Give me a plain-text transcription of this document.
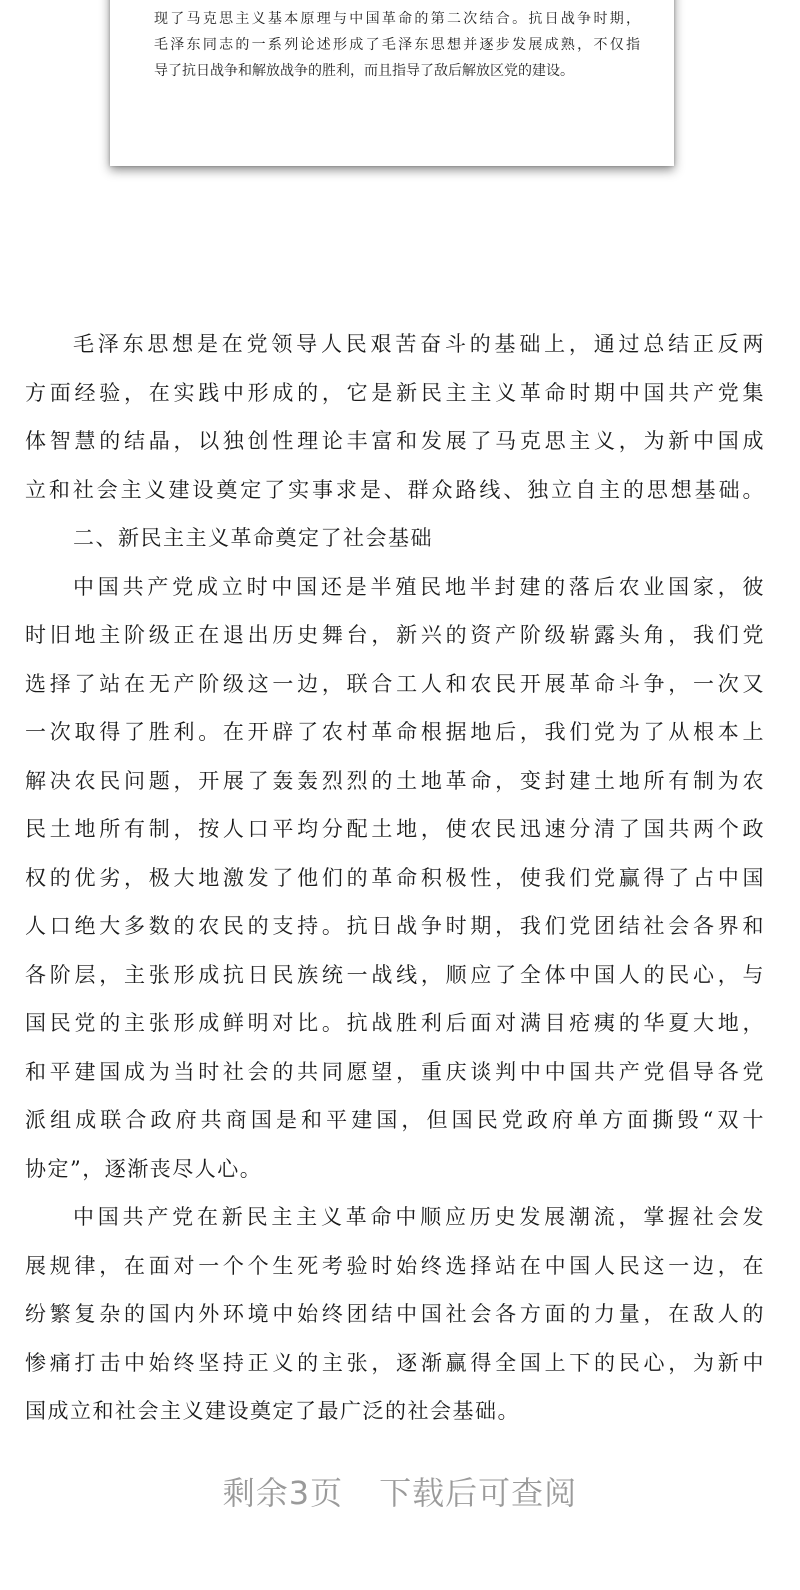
现了马克思主义基本原理与中国革命的第二次结合。抗日战争时期，
毛泽东同志的一系列论述形成了毛泽东思想并逐步发展成熟，不仅指
导了抗日战争和解放战争的胜利，而且指导了敌后解放区党的建设。

毛泽东思想是在党领导人民艰苦奋斗的基础上，通过总结正反两
方面经验，在实践中形成的，它是新民主主义革命时期中国共产党集
体智慧的结晶，以独创性理论丰富和发展了马克思主义，为新中国成
立和社会主义建设奠定了实事求是、群众路线、独立自主的思想基础。

二、新民主主义革命奠定了社会基础

中国共产党成立时中国还是半殖民地半封建的落后农业国家，彼
时旧地主阶级正在退出历史舞台，新兴的资产阶级崭露头角，我们党
选择了站在无产阶级这一边，联合工人和农民开展革命斗争，一次又
一次取得了胜利。在开辟了农村革命根据地后，我们党为了从根本上
解决农民问题，开展了轰轰烈烈的土地革命，变封建土地所有制为农
民土地所有制，按人口平均分配土地，使农民迅速分清了国共两个政
权的优劣，极大地激发了他们的革命积极性，使我们党赢得了占中国
人口绝大多数的农民的支持。抗日战争时期，我们党团结社会各界和
各阶层，主张形成抗日民族统一战线，顺应了全体中国人的民心，与
国民党的主张形成鲜明对比。抗战胜利后面对满目疮痍的华夏大地，
和平建国成为当时社会的共同愿望，重庆谈判中中国共产党倡导各党
派组成联合政府共商国是和平建国，但国民党政府单方面撕毁“双十
协定”，逐渐丧尽人心。

中国共产党在新民主主义革命中顺应历史发展潮流，掌握社会发
展规律，在面对一个个生死考验时始终选择站在中国人民这一边，在
纷繁复杂的国内外环境中始终团结中国社会各方面的力量，在敌人的
惨痛打击中始终坚持正义的主张，逐渐赢得全国上下的民心，为新中
国成立和社会主义建设奠定了最广泛的社会基础。

剩余3页 下载后可查阅
